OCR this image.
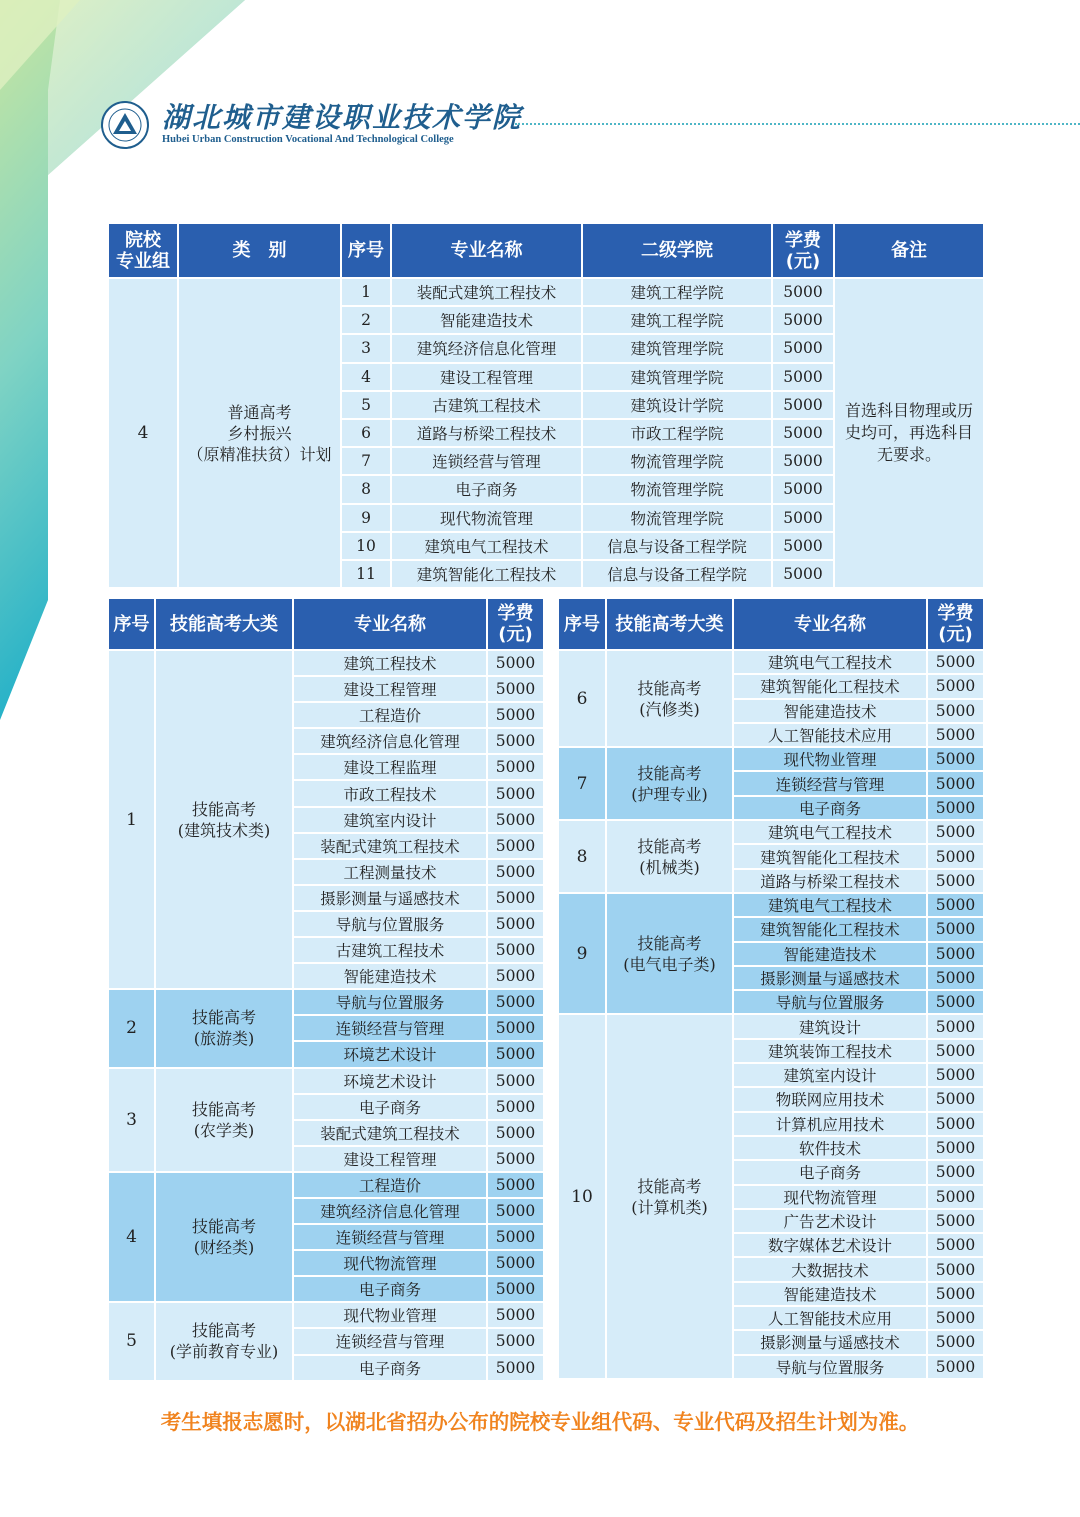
湖北城市建设职业技术学院
Hubei Urban Construction Vocational And Technological College
院校
专业组	类　别	序号	专业名称	二级学院	学费
(元)	备注
4	普通高考
乡村振兴
（原精准扶贫）计划	1	装配式建筑工程技术	建筑工程学院	5000	首选科目物理或历史均可，再选科目无要求。
		2	智能建造技术	建筑工程学院	5000	
		3	建筑经济信息化管理	建筑管理学院	5000	
		4	建设工程管理	建筑管理学院	5000	
		5	古建筑工程技术	建筑设计学院	5000	
		6	道路与桥梁工程技术	市政工程学院	5000	
		7	连锁经营与管理	物流管理学院	5000	
		8	电子商务	物流管理学院	5000	
		9	现代物流管理	物流管理学院	5000	
		10	建筑电气工程技术	信息与设备工程学院	5000	
		11	建筑智能化工程技术	信息与设备工程学院	5000	
序号	技能高考大类	专业名称	学费
(元)
1	技能高考
(建筑技术类)	建筑工程技术	5000
		建设工程管理	5000
		工程造价	5000
		建筑经济信息化管理	5000
		建设工程监理	5000
		市政工程技术	5000
		建筑室内设计	5000
		装配式建筑工程技术	5000
		工程测量技术	5000
		摄影测量与遥感技术	5000
		导航与位置服务	5000
		古建筑工程技术	5000
		智能建造技术	5000
2	技能高考
(旅游类)	导航与位置服务	5000
		连锁经营与管理	5000
		环境艺术设计	5000
3	技能高考
(农学类)	环境艺术设计	5000
		电子商务	5000
		装配式建筑工程技术	5000
		建设工程管理	5000
4	技能高考
(财经类)	工程造价	5000
		建筑经济信息化管理	5000
		连锁经营与管理	5000
		现代物流管理	5000
		电子商务	5000
5	技能高考
(学前教育专业)	现代物业管理	5000
		连锁经营与管理	5000
		电子商务	5000
序号	技能高考大类	专业名称	学费
(元)
6	技能高考
(汽修类)	建筑电气工程技术	5000
		建筑智能化工程技术	5000
		智能建造技术	5000
		人工智能技术应用	5000
7	技能高考
(护理专业)	现代物业管理	5000
		连锁经营与管理	5000
		电子商务	5000
8	技能高考
(机械类)	建筑电气工程技术	5000
		建筑智能化工程技术	5000
		道路与桥梁工程技术	5000
9	技能高考
(电气电子类)	建筑电气工程技术	5000
		建筑智能化工程技术	5000
		智能建造技术	5000
		摄影测量与遥感技术	5000
		导航与位置服务	5000
10	技能高考
(计算机类)	建筑设计	5000
		建筑装饰工程技术	5000
		建筑室内设计	5000
		物联网应用技术	5000
		计算机应用技术	5000
		软件技术	5000
		电子商务	5000
		现代物流管理	5000
		广告艺术设计	5000
		数字媒体艺术设计	5000
		大数据技术	5000
		智能建造技术	5000
		人工智能技术应用	5000
		摄影测量与遥感技术	5000
		导航与位置服务	5000
考生填报志愿时，以湖北省招办公布的院校专业组代码、专业代码及招生计划为准。
